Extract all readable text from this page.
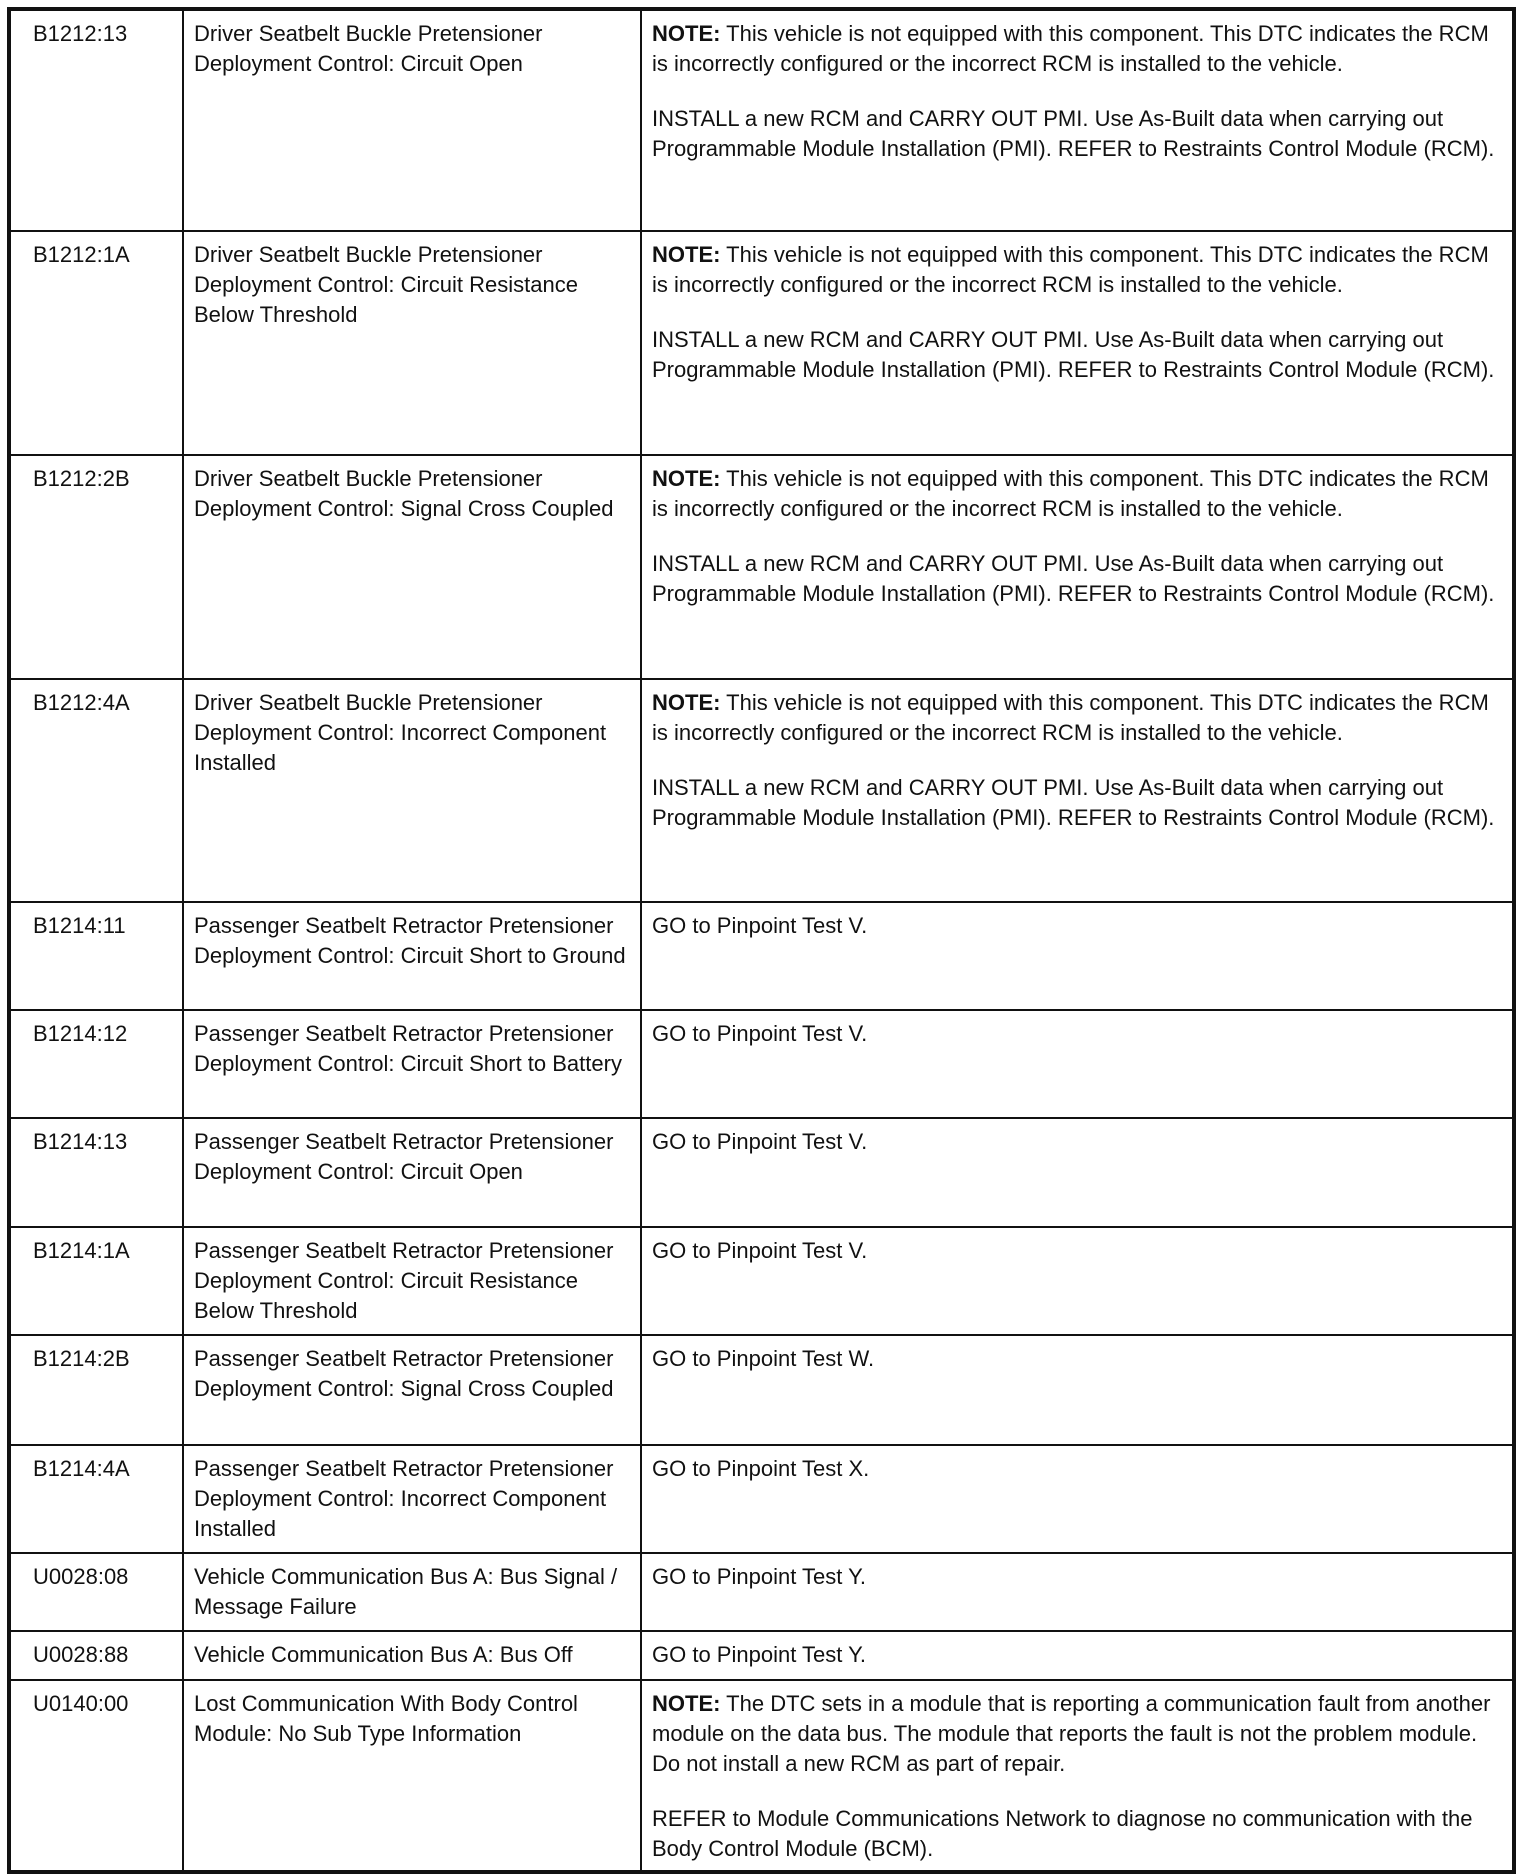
B1212:13	Driver Seatbelt Buckle Pretensioner Deployment Control: Circuit Open	NOTE: This vehicle is not equipped with this component. This DTC indicates the RCM is incorrectly configured or the incorrect RCM is installed to the vehicle.

INSTALL a new RCM and CARRY OUT PMI. Use As-Built data when carrying out Programmable Module Installation (PMI). REFER to Restraints Control Module (RCM).

B1212:1A	Driver Seatbelt Buckle Pretensioner Deployment Control: Circuit Resistance Below Threshold	NOTE: This vehicle is not equipped with this component. This DTC indicates the RCM is incorrectly configured or the incorrect RCM is installed to the vehicle.

INSTALL a new RCM and CARRY OUT PMI. Use As-Built data when carrying out Programmable Module Installation (PMI). REFER to Restraints Control Module (RCM).

B1212:2B	Driver Seatbelt Buckle Pretensioner Deployment Control: Signal Cross Coupled	NOTE: This vehicle is not equipped with this component. This DTC indicates the RCM is incorrectly configured or the incorrect RCM is installed to the vehicle.

INSTALL a new RCM and CARRY OUT PMI. Use As-Built data when carrying out Programmable Module Installation (PMI). REFER to Restraints Control Module (RCM).

B1212:4A	Driver Seatbelt Buckle Pretensioner Deployment Control: Incorrect Component Installed	NOTE: This vehicle is not equipped with this component. This DTC indicates the RCM is incorrectly configured or the incorrect RCM is installed to the vehicle.

INSTALL a new RCM and CARRY OUT PMI. Use As-Built data when carrying out Programmable Module Installation (PMI). REFER to Restraints Control Module (RCM).

B1214:11	Passenger Seatbelt Retractor Pretensioner Deployment Control: Circuit Short to Ground	GO to Pinpoint Test V.

B1214:12	Passenger Seatbelt Retractor Pretensioner Deployment Control: Circuit Short to Battery	GO to Pinpoint Test V.

B1214:13	Passenger Seatbelt Retractor Pretensioner Deployment Control: Circuit Open	GO to Pinpoint Test V.

B1214:1A	Passenger Seatbelt Retractor Pretensioner Deployment Control: Circuit Resistance Below Threshold	GO to Pinpoint Test V.

B1214:2B	Passenger Seatbelt Retractor Pretensioner Deployment Control: Signal Cross Coupled	GO to Pinpoint Test W.

B1214:4A	Passenger Seatbelt Retractor Pretensioner Deployment Control: Incorrect Component Installed	GO to Pinpoint Test X.

U0028:08	Vehicle Communication Bus A: Bus Signal / Message Failure	GO to Pinpoint Test Y.

U0028:88	Vehicle Communication Bus A: Bus Off	GO to Pinpoint Test Y.

U0140:00	Lost Communication With Body Control Module: No Sub Type Information	NOTE: The DTC sets in a module that is reporting a communication fault from another module on the data bus. The module that reports the fault is not the problem module. Do not install a new RCM as part of repair.

REFER to Module Communications Network to diagnose no communication with the Body Control Module (BCM).
